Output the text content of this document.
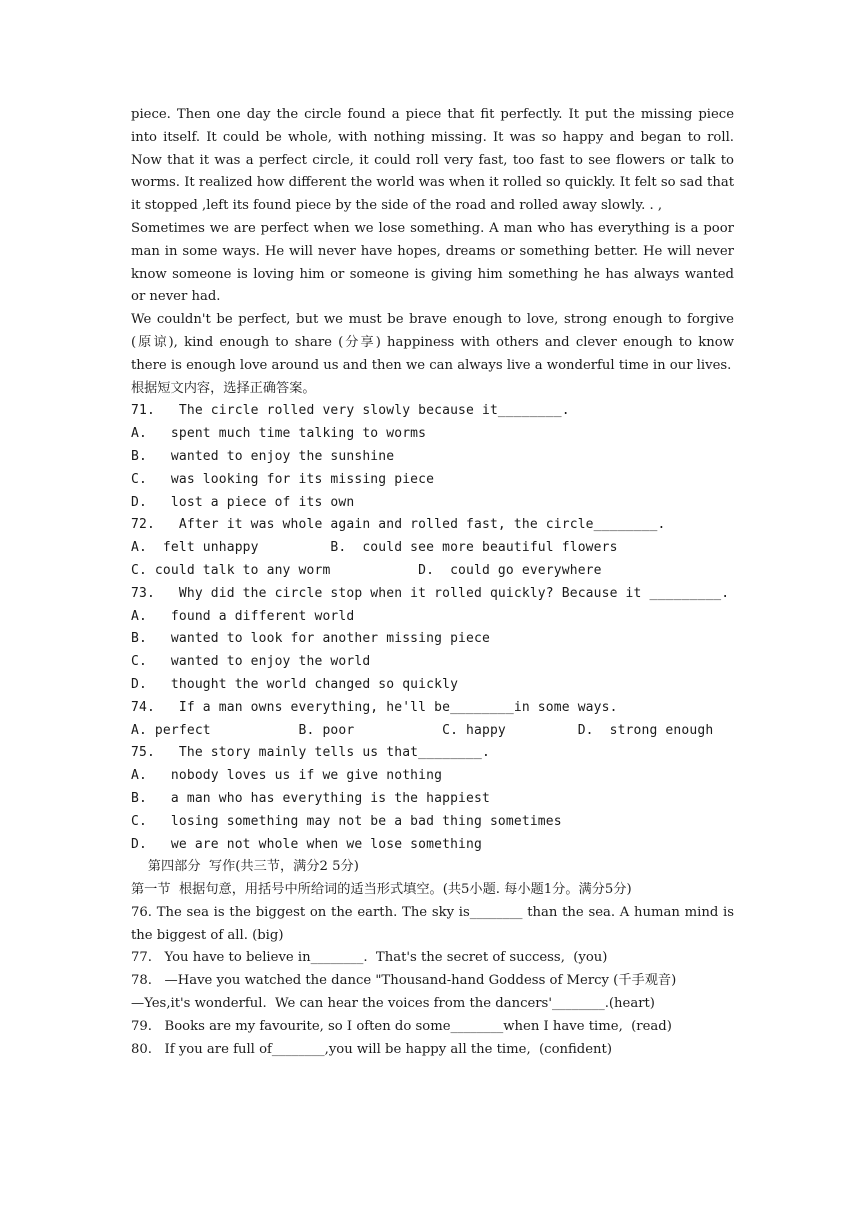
piece. Then one day the circle found a piece that fit perfectly. It put the missing piece into itself. It could be whole, with nothing missing. It was so happy and began to roll. Now that it was a perfect circle, it could roll very fast, too fast to see flowers or talk to worms. It realized how different the world was when it rolled so quickly. It felt so sad that it stopped ,left its found piece by the side of the road and rolled away slowly. . ,

Sometimes we are perfect when we lose something. A man who has everything is a poor man in some ways. He will never have hopes, dreams or something better. He will never know someone is loving him or someone is giving him something he has always wanted or never had.

We couldn't be perfect, but we must be brave enough to love, strong enough to forgive (原谅), kind enough to share (分享) happiness with others and clever enough to know there is enough love around us and then we can always live a wonderful time in our lives.

根据短文内容，选择正确答案。

71.   The circle rolled very slowly because it________.

A.   spent much time talking to worms

B.   wanted to enjoy the sunshine

C.   was looking for its missing piece

D.   lost a piece of its own

72.   After it was whole again and rolled fast, the circle________.

A.  felt unhappy         B.  could see more beautiful flowers

C. could talk to any worm           D.  could go everywhere

73.   Why did the circle stop when it rolled quickly? Because it _________.

A.   found a different world

B.   wanted to look for another missing piece

C.   wanted to enjoy the world

D.   thought the world changed so quickly

74.   If a man owns everything, he'll be________in some ways.

A. perfect           B. poor           C. happy         D.  strong enough

75.   The story mainly tells us that________.

A.   nobody loves us if we give nothing

B.   a man who has everything is the happiest

C.   losing something may not be a bad thing sometimes

D.   we are not whole when we lose something

第四部分  写作(共三节，满分2 5分)

第一节  根据句意，用括号中所给词的适当形式填空。(共5小题. 每小题1分。满分5分)

76. The sea is the biggest on the earth. The sky is________ than the sea. A human mind is the biggest of all. (big)

77.   You have to believe in________.  That's the secret of success,  (you)

78.   —Have you watched the dance "Thousand-hand Goddess of Mercy (千手观音)

—Yes,it's wonderful.  We can hear the voices from the dancers'________.(heart)

79.   Books are my favourite, so I often do some________when I have time,  (read)

80.   If you are full of________,you will be happy all the time,  (confident)
